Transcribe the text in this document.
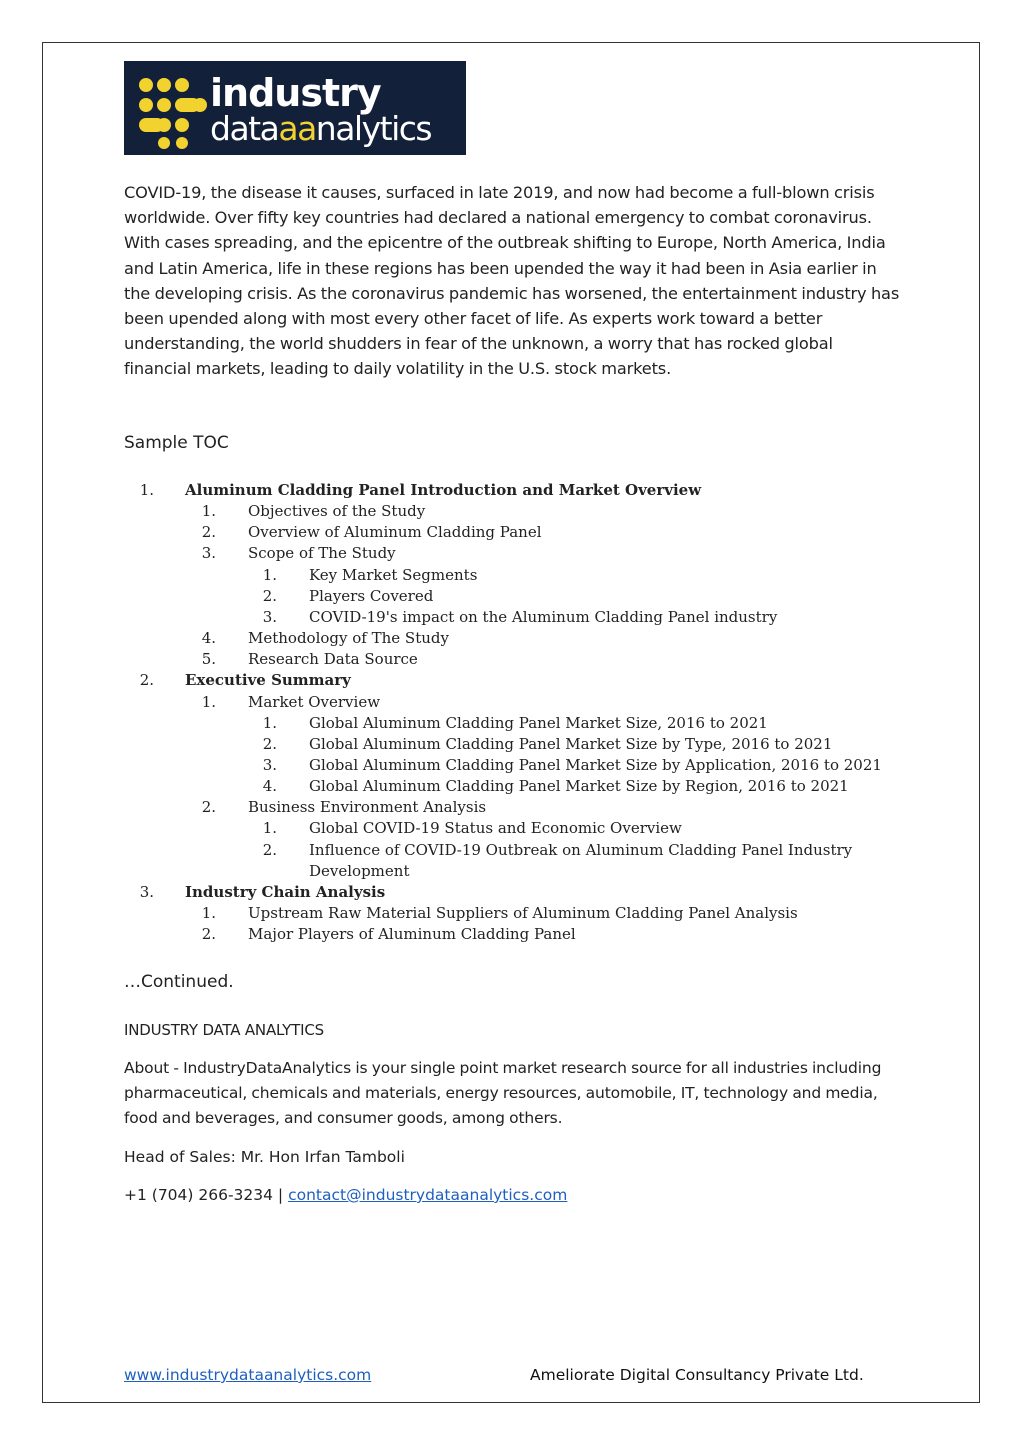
industry
dataaanalytics

COVID-19, the disease it causes, surfaced in late 2019, and now had become a full-blown crisis worldwide. Over fifty key countries had declared a national emergency to combat coronavirus. With cases spreading, and the epicentre of the outbreak shifting to Europe, North America, India and Latin America, life in these regions has been upended the way it had been in Asia earlier in the developing crisis. As the coronavirus pandemic has worsened, the entertainment industry has been upended along with most every other facet of life. As experts work toward a better understanding, the world shudders in fear of the unknown, a worry that has rocked global financial markets, leading to daily volatility in the U.S. stock markets.

Sample TOC
1. Aluminum Cladding Panel Introduction and Market Overview
1. Objectives of the Study
2. Overview of Aluminum Cladding Panel
3. Scope of The Study
1. Key Market Segments
2. Players Covered
3. COVID-19's impact on the Aluminum Cladding Panel industry
4. Methodology of The Study
5. Research Data Source
2. Executive Summary
1. Market Overview
1. Global Aluminum Cladding Panel Market Size, 2016 to 2021
2. Global Aluminum Cladding Panel Market Size by Type, 2016 to 2021
3. Global Aluminum Cladding Panel Market Size by Application, 2016 to 2021
4. Global Aluminum Cladding Panel Market Size by Region, 2016 to 2021
2. Business Environment Analysis
1. Global COVID-19 Status and Economic Overview
2. Influence of COVID-19 Outbreak on Aluminum Cladding Panel Industry
Development
3. Industry Chain Analysis
1. Upstream Raw Material Suppliers of Aluminum Cladding Panel Analysis
2. Major Players of Aluminum Cladding Panel

…Continued.

INDUSTRY DATA ANALYTICS

About - IndustryDataAnalytics is your single point market research source for all industries including pharmaceutical, chemicals and materials, energy resources, automobile, IT, technology and media, food and beverages, and consumer goods, among others.

Head of Sales: Mr. Hon Irfan Tamboli

+1 (704) 266-3234 | contact@industrydataanalytics.com

www.industrydataanalytics.com	Ameliorate Digital Consultancy Private Ltd.
